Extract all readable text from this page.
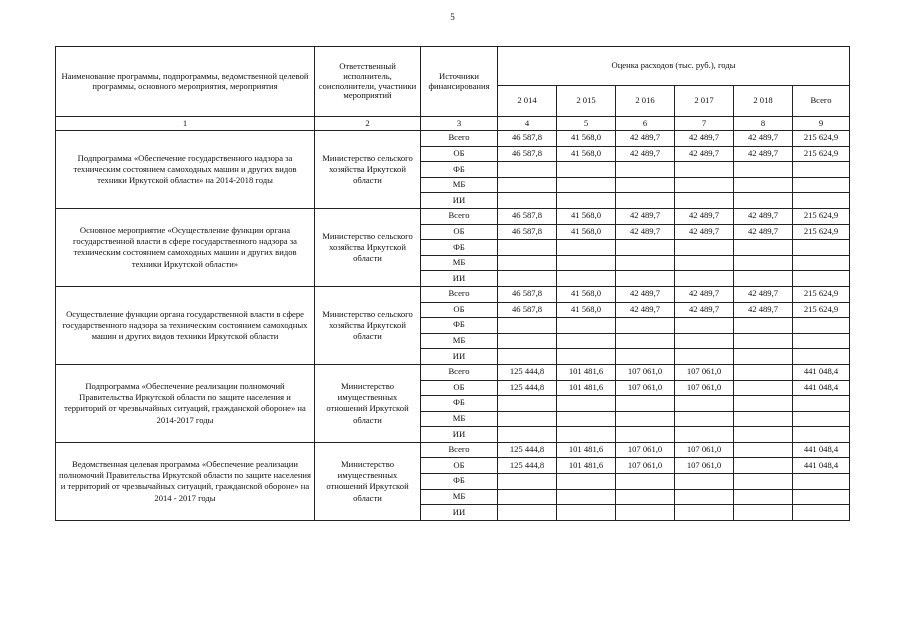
5
Наименование программы, подпрограммы, ведомственной целевой программы, основного мероприятия, мероприятия	Ответственный исполнитель, соисполнители, участники мероприятий	Источники финансирования	Оценка расходов (тыс. руб.), годы					
			2 014	2 015	2 016	2 017	2 018	Всего
1	2	3	4	5	6	7	8	9
Подпрограмма «Обеспечение государственного надзора за техническим состоянием самоходных машин и других видов техники Иркутской области» на 2014-2018 годы	Министерство сельского хозяйства Иркутской области	Всего	46 587,8	41 568,0	42 489,7	42 489,7	42 489,7	215 624,9
		ОБ	46 587,8	41 568,0	42 489,7	42 489,7	42 489,7	215 624,9
		ФБ						
		МБ						
		ИИ						
Основное мероприятие «Осуществление функции органа государственной власти в сфере государственного надзора за техническим состоянием самоходных машин и других видов техники Иркутской области»	Министерство сельского хозяйства Иркутской области	Всего	46 587,8	41 568,0	42 489,7	42 489,7	42 489,7	215 624,9
		ОБ	46 587,8	41 568,0	42 489,7	42 489,7	42 489,7	215 624,9
		ФБ						
		МБ						
		ИИ						
Осуществление функции органа государственной власти в сфере государственного надзора за техническим состоянием самоходных машин и других видов техники Иркутской области	Министерство сельского хозяйства Иркутской области	Всего	46 587,8	41 568,0	42 489,7	42 489,7	42 489,7	215 624,9
		ОБ	46 587,8	41 568,0	42 489,7	42 489,7	42 489,7	215 624,9
		ФБ						
		МБ						
		ИИ						
Подпрограмма «Обеспечение реализации полномочий Правительства Иркутской области по защите населения и территорий от чрезвычайных ситуаций, гражданской обороне» на 2014-2017 годы	Министерство имущественных отношений Иркутской области	Всего	125 444,8	101 481,6	107 061,0	107 061,0		441 048,4
		ОБ	125 444,8	101 481,6	107 061,0	107 061,0		441 048,4
		ФБ						
		МБ						
		ИИ						
Ведомственная целевая программа «Обеспечение реализации полномочий Правительства Иркутской области по защите населения и территорий от чрезвычайных ситуаций, гражданской обороне» на 2014 - 2017 годы	Министерство имущественных отношений Иркутской области	Всего	125 444,8	101 481,6	107 061,0	107 061,0		441 048,4
		ОБ	125 444,8	101 481,6	107 061,0	107 061,0		441 048,4
		ФБ						
		МБ						
		ИИ						
